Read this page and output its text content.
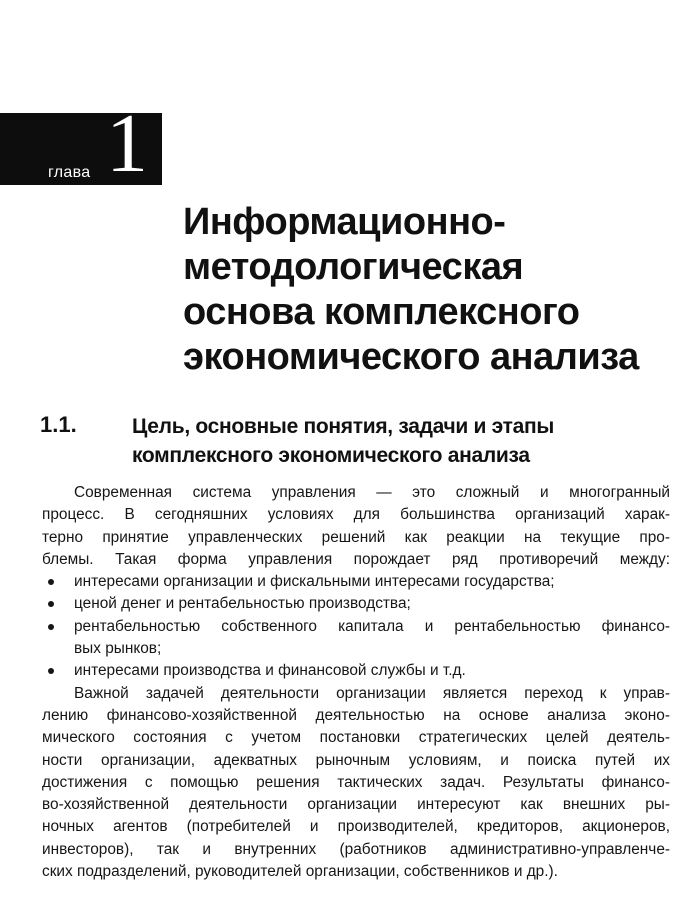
глава 1
Информационно-
методологическая
основа комплексного
экономического анализа
1.1.	Цель, основные понятия, задачи и этапы
комплексного экономического анализа
Современная система управления — это сложный и многогранный
процесс. В сегодняшних условиях для большинства организаций харак-
терно принятие управленческих решений как реакции на текущие про-
блемы. Такая форма управления порождает ряд противоречий между:
интересами организации и фискальными интересами государства;
ценой денег и рентабельностью производства;
рентабельностью собственного капитала и рентабельностью финансо-
вых рынков;
интересами производства и финансовой службы и т.д.
Важной задачей деятельности организации является переход к управ-
лению финансово-хозяйственной деятельностью на основе анализа эконо-
мического состояния с учетом постановки стратегических целей деятель-
ности организации, адекватных рыночным условиям, и поиска путей их
достижения с помощью решения тактических задач. Результаты финансо-
во-хозяйственной деятельности организации интересуют как внешних ры-
ночных агентов (потребителей и производителей, кредиторов, акционеров,
инвесторов), так и внутренних (работников административно-управленче-
ских подразделений, руководителей организации, собственников и др.).
